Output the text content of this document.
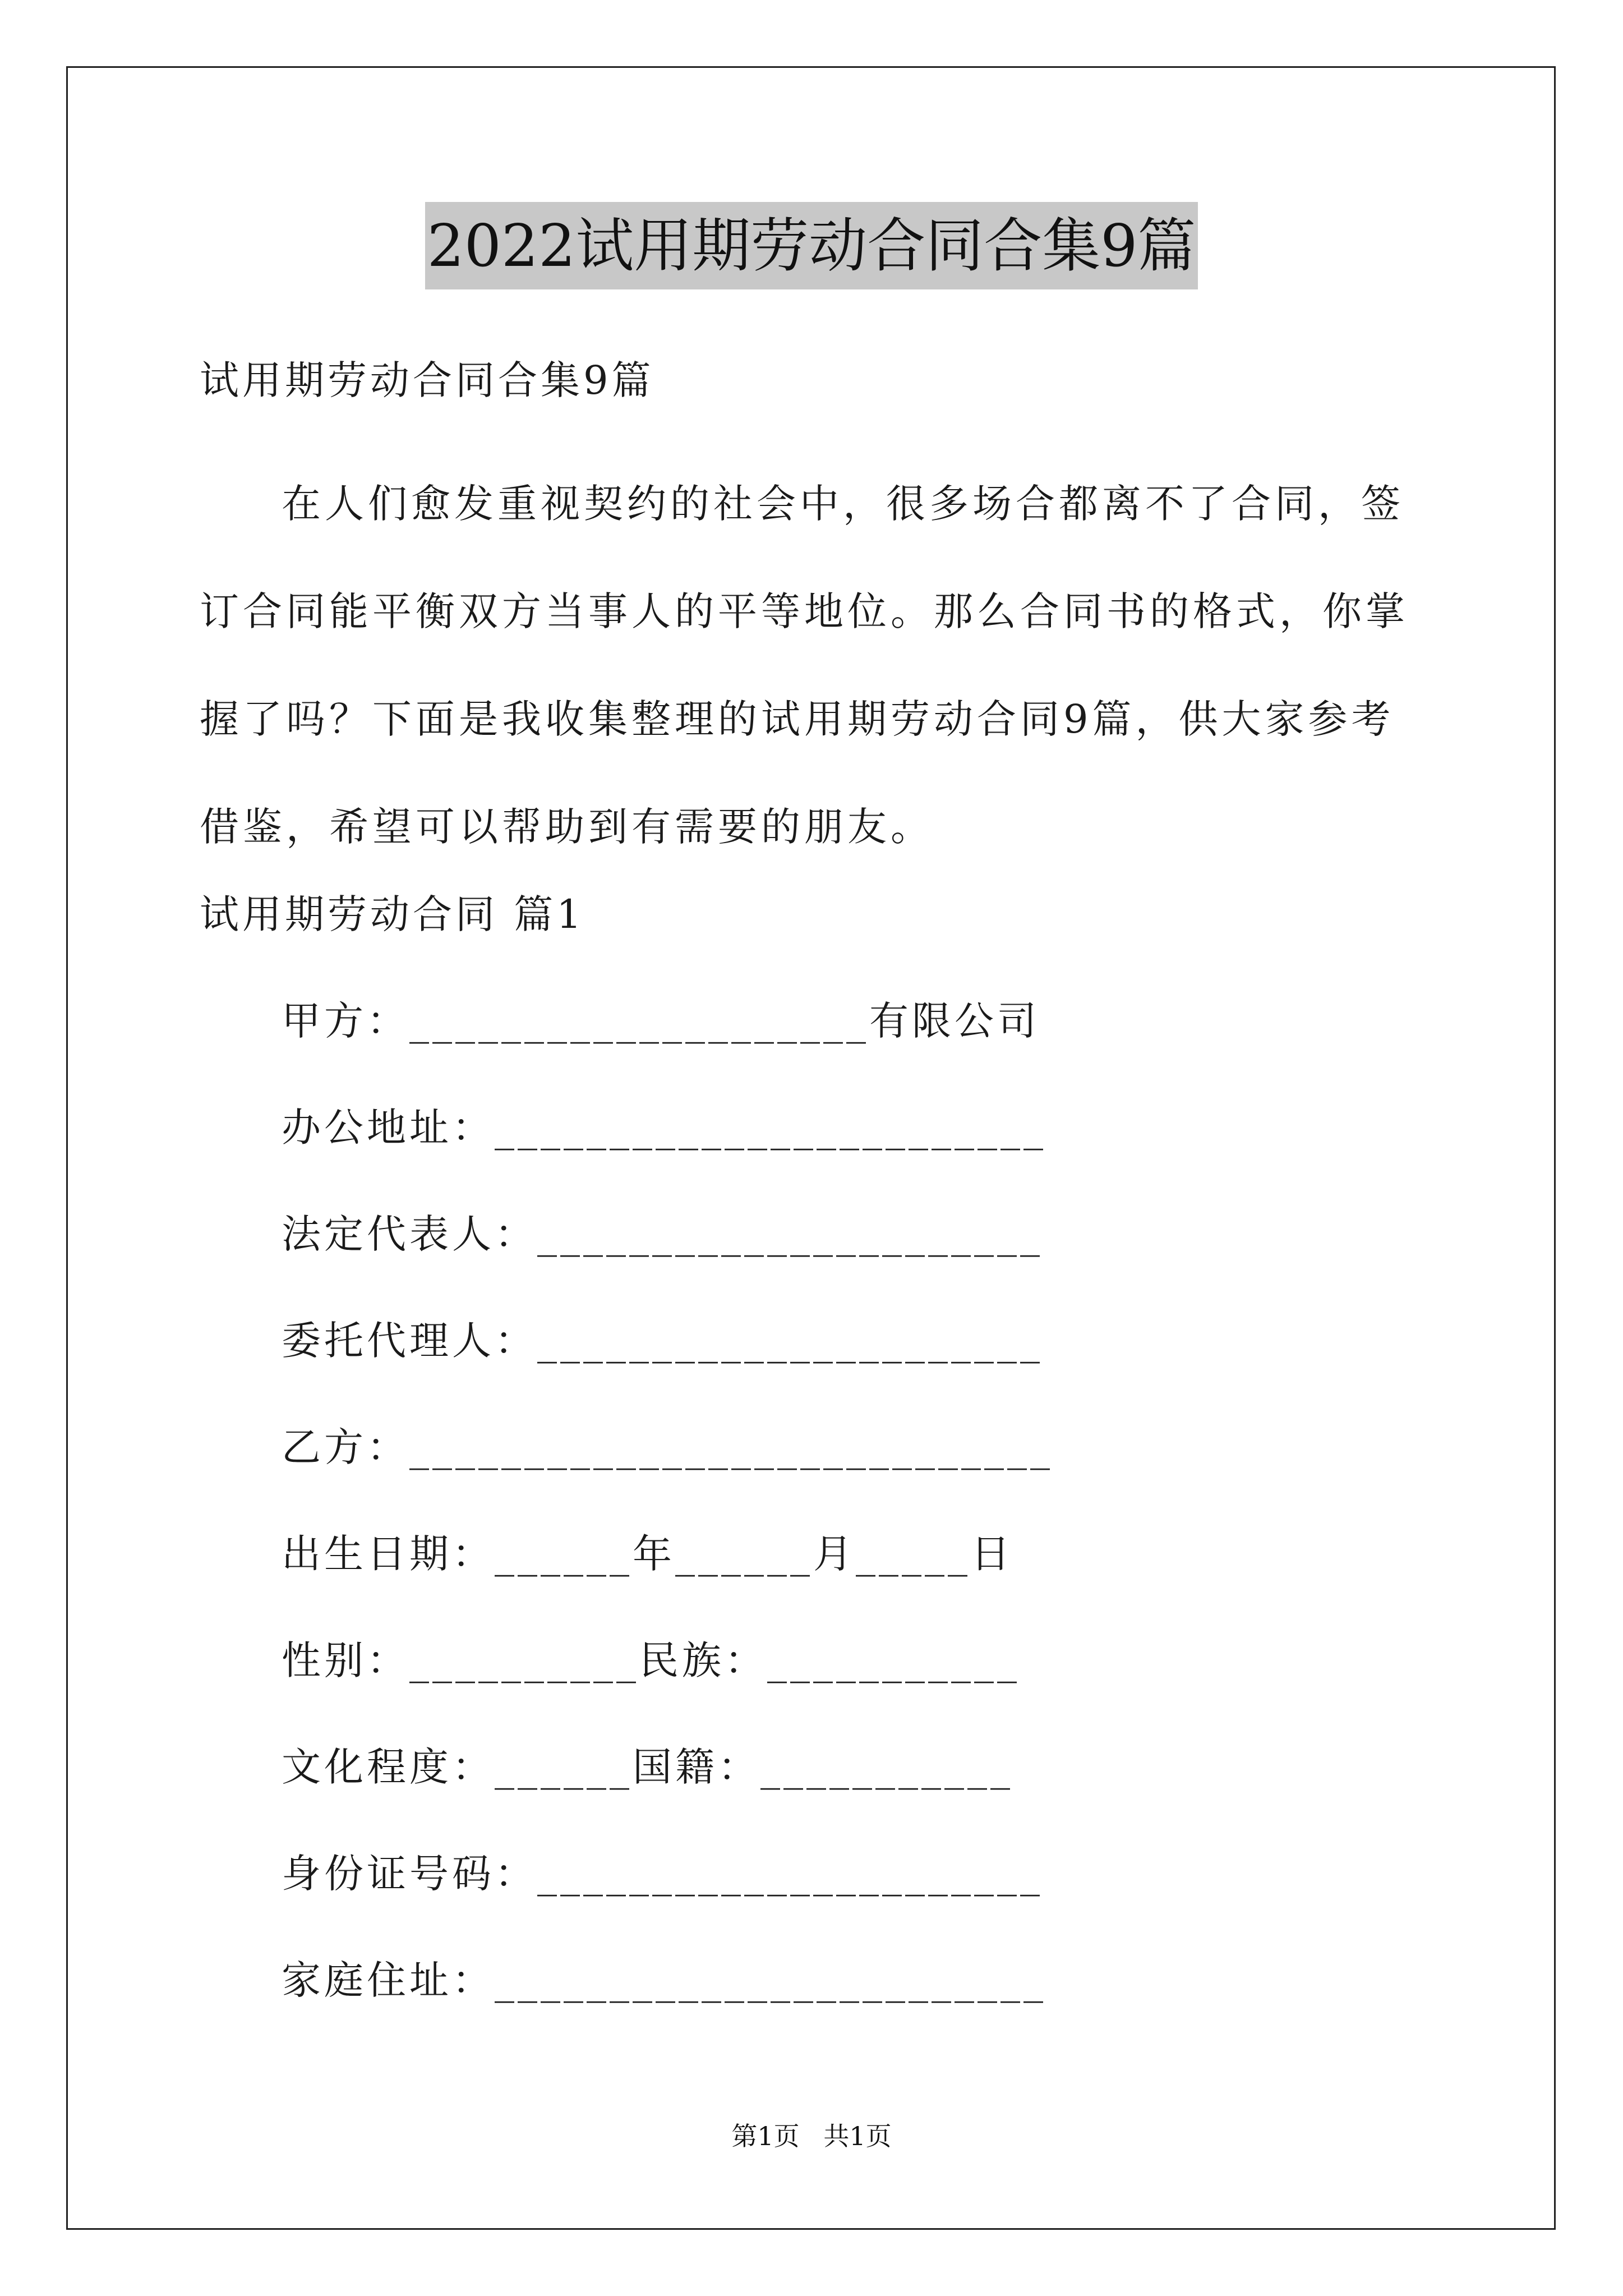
2022试用期劳动合同合集9篇
试用期劳动合同合集9篇
在人们愈发重视契约的社会中，很多场合都离不了合同，签订合同能平衡双方当事人的平等地位。那么合同书的格式，你掌握了吗？下面是我收集整理的试用期劳动合同9篇，供大家参考借鉴，希望可以帮助到有需要的朋友。
试用期劳动合同 篇1
甲方：____________________有限公司
办公地址：________________________
法定代表人：______________________
委托代理人：______________________
乙方：____________________________
出生日期：______年______月_____日
性别：__________民族：___________
文化程度：______国籍：___________
身份证号码：______________________
家庭住址：________________________
第1页 共1页
